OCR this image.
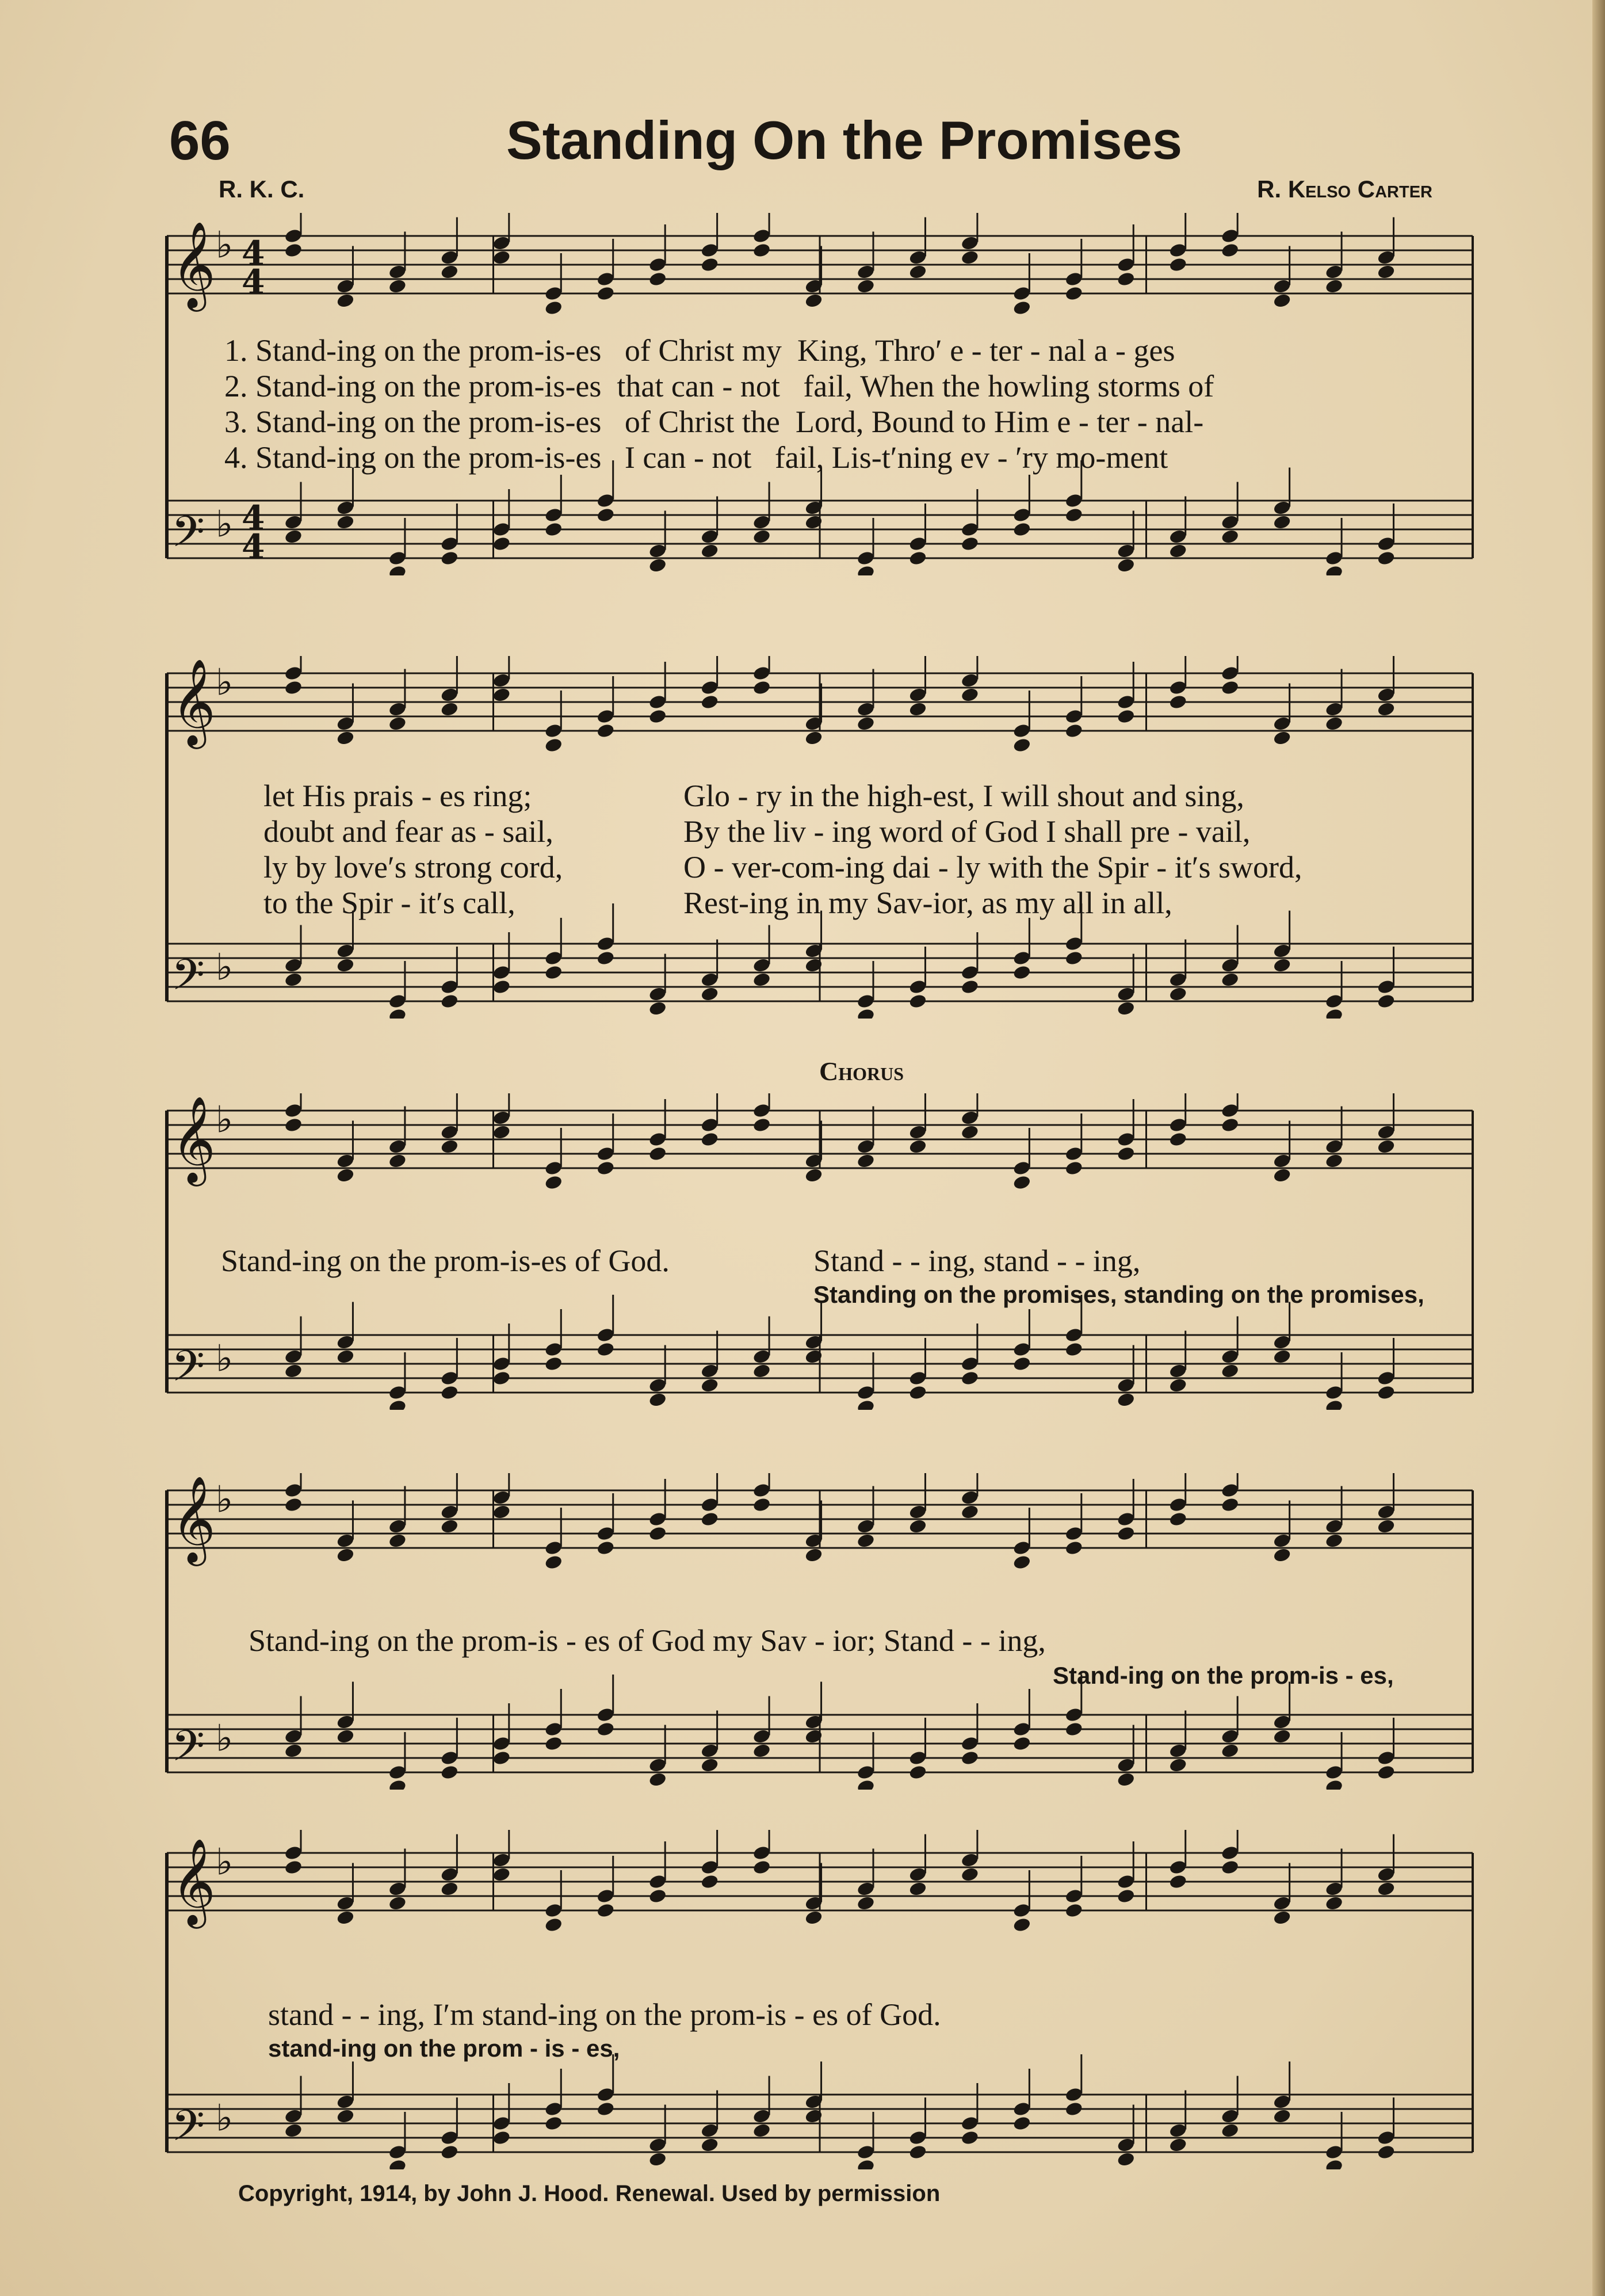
66	Standing On the Promises
R. K. C.	R. Kelso Carter
𝄞 ♭ 4
4
𝄢 ♭ 4
4
1. Stand-ing on the prom-is-es of Christ my King, Thro′ e - ter - nal a - ges
2. Stand-ing on the prom-is-es that can - not fail, When the howling storms of
3. Stand-ing on the prom-is-es of Christ the Lord, Bound to Him e - ter - nal-
4. Stand-ing on the prom-is-es I can - not fail, Lis-t′ning ev - ′ry mo-ment
𝄞 ♭
𝄢 ♭
let His prais - es ring;	Glo - ry in the high-est, I will shout and sing,
doubt and fear as - sail,	By the liv - ing word of God I shall pre - vail,
ly by love′s strong cord,	O - ver-com-ing dai - ly with the Spir - it′s sword,
to the Spir - it′s call,	Rest-ing in my Sav-ior, as my all in all,
Chorus
𝄞 ♭
𝄢 ♭
Stand-ing on the prom-is-es of God.	Stand - - ing, stand - - ing,
Standing on the promises, standing on the promises,
𝄞 ♭
𝄢 ♭
Stand-ing on the prom-is - es of God my Sav - ior; Stand - - ing,
Stand-ing on the prom-is - es,
𝄞 ♭
𝄢 ♭
stand - - ing, I′m stand-ing on the prom-is - es of God.
stand-ing on the prom - is - es,
Copyright, 1914, by John J. Hood. Renewal. Used by permission
